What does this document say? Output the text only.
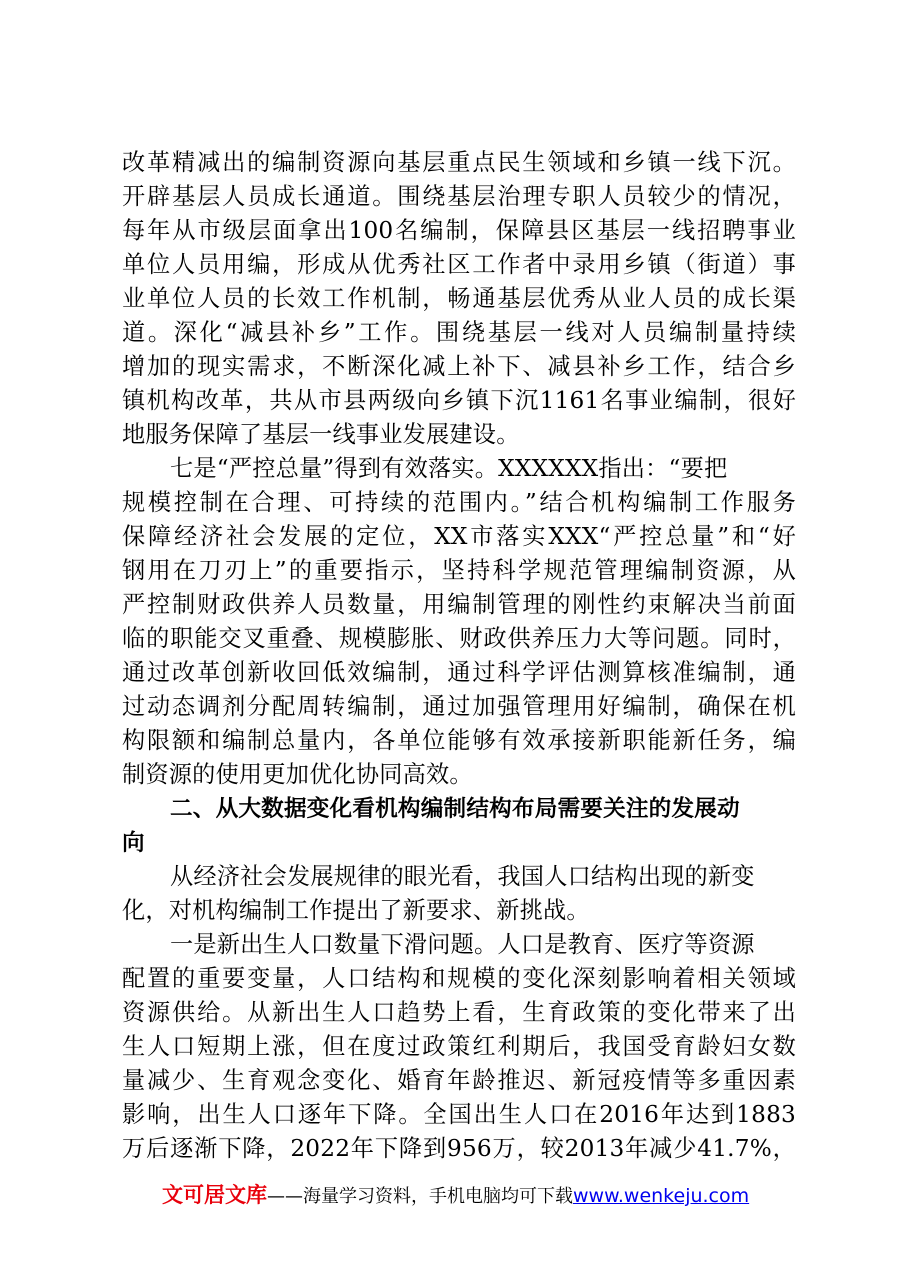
改革精减出的编制资源向基层重点民生领域和乡镇一线下沉。
开辟基层人员成长通道。围绕基层治理专职人员较少的情况，
每年从市级层面拿出100名编制，保障县区基层一线招聘事业
单位人员用编，形成从优秀社区工作者中录用乡镇（街道）事
业单位人员的长效工作机制，畅通基层优秀从业人员的成长渠
道。深化“减县补乡”工作。围绕基层一线对人员编制量持续
增加的现实需求，不断深化减上补下、减县补乡工作，结合乡
镇机构改革，共从市县两级向乡镇下沉1161名事业编制，很好
地服务保障了基层一线事业发展建设。
七是“严控总量”得到有效落实。XXXXXX指出：“要把
规模控制在合理、可持续的范围内。”结合机构编制工作服务
保障经济社会发展的定位，XX市落实XXX“严控总量”和“好
钢用在刀刃上”的重要指示，坚持科学规范管理编制资源，从
严控制财政供养人员数量，用编制管理的刚性约束解决当前面
临的职能交叉重叠、规模膨胀、财政供养压力大等问题。同时，
通过改革创新收回低效编制，通过科学评估测算核准编制，通
过动态调剂分配周转编制，通过加强管理用好编制，确保在机
构限额和编制总量内，各单位能够有效承接新职能新任务，编
制资源的使用更加优化协同高效。
二、从大数据变化看机构编制结构布局需要关注的发展动
向
从经济社会发展规律的眼光看，我国人口结构出现的新变
化，对机构编制工作提出了新要求、新挑战。
一是新出生人口数量下滑问题。人口是教育、医疗等资源
配置的重要变量，人口结构和规模的变化深刻影响着相关领域
资源供给。从新出生人口趋势上看，生育政策的变化带来了出
生人口短期上涨，但在度过政策红利期后，我国受育龄妇女数
量减少、生育观念变化、婚育年龄推迟、新冠疫情等多重因素
影响，出生人口逐年下降。全国出生人口在2016年达到1883
万后逐渐下降，2022年下降到956万，较2013年减少41.7%，
文可居文库——海量学习资料，手机电脑均可下载www.wenkeju.com
